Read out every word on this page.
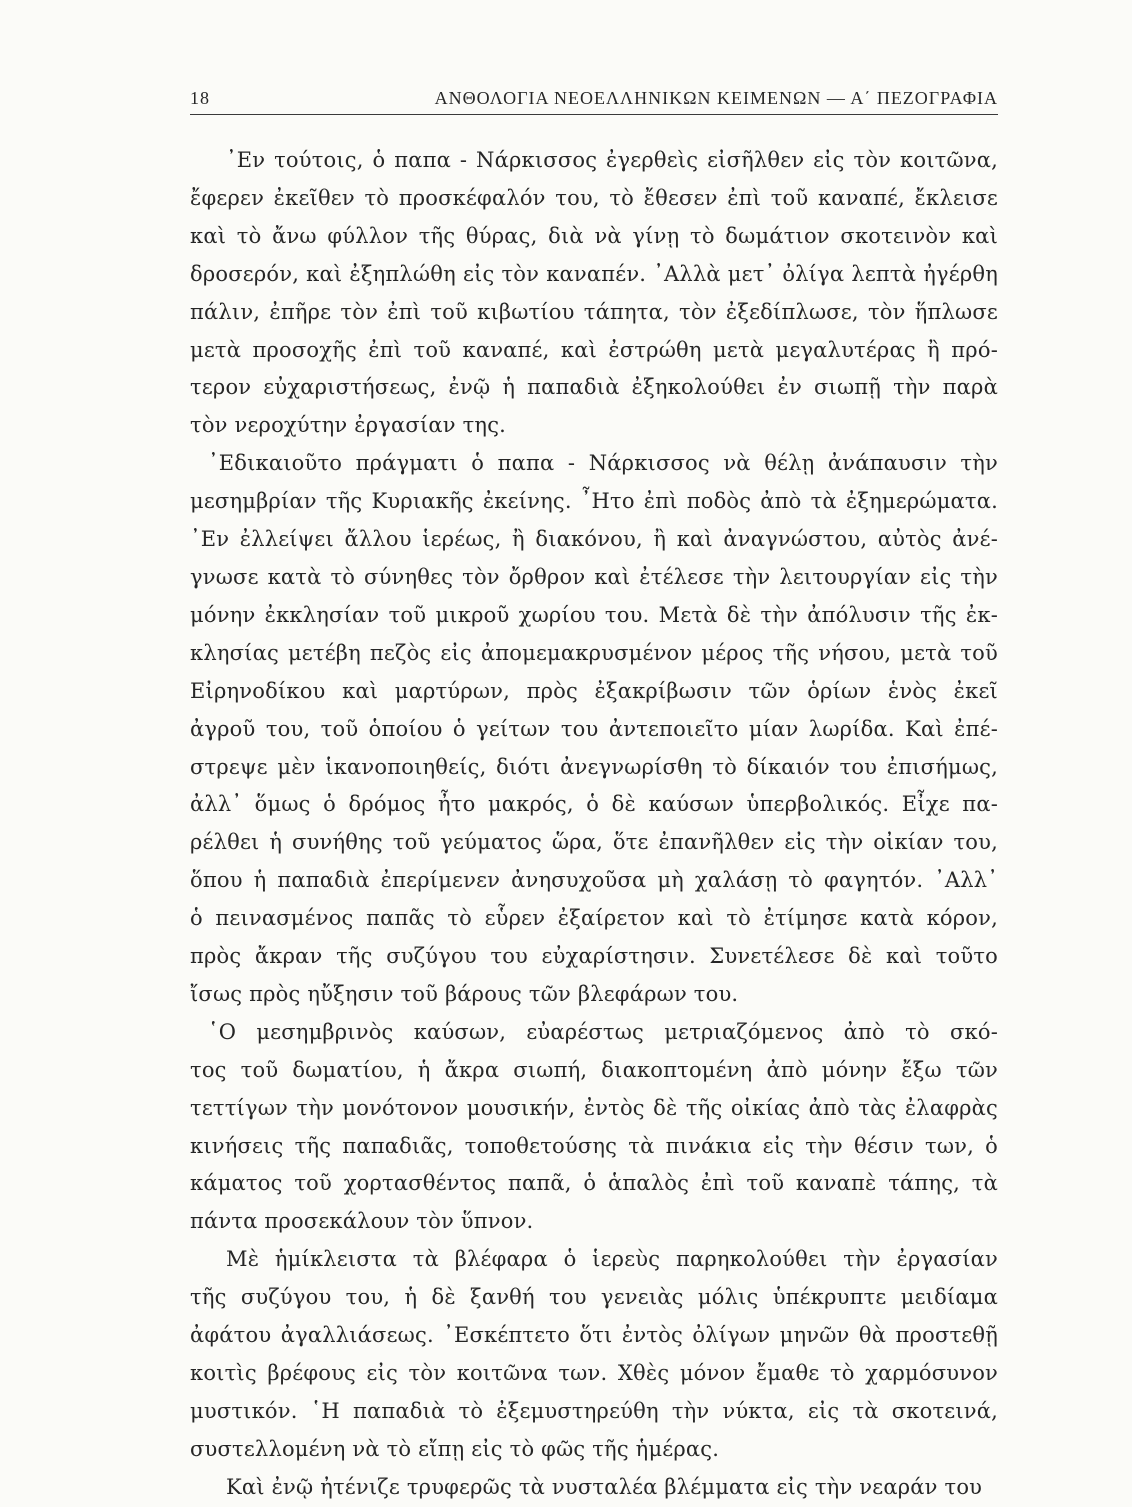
18	ΑΝΘΟΛΟΓΙΑ ΝΕΟΕΛΛΗΝΙΚΩΝ ΚΕΙΜΕΝΩΝ — Α΄ ΠΕΖΟΓΡΑΦΙΑ
᾿Εν τούτοις, ὁ παπα - Νάρκισσος ἐγερθεὶς εἰσῆλθεν εἰς τὸν κοιτῶνα,
ἔφερεν ἐκεῖθεν τὸ προσκέφαλόν του, τὸ ἔθεσεν ἐπὶ τοῦ καναπέ, ἔκλεισε
καὶ τὸ ἄνω φύλλον τῆς θύρας, διὰ νὰ γίνῃ τὸ δωμάτιον σκοτεινὸν καὶ
δροσερόν, καὶ ἐξηπλώθη εἰς τὸν καναπέν. ᾿Αλλὰ μετ᾿ ὀλίγα λεπτὰ ἠγέρθη
πάλιν, ἐπῆρε τὸν ἐπὶ τοῦ κιβωτίου τάπητα, τὸν ἐξεδίπλωσε, τὸν ἥπλωσε
μετὰ προσοχῆς ἐπὶ τοῦ καναπέ, καὶ ἐστρώθη μετὰ μεγαλυτέρας ἢ πρό-
τερον εὐχαριστήσεως, ἐνῷ ἡ παπαδιὰ ἐξηκολούθει ἐν σιωπῇ τὴν παρὰ
τὸν νεροχύτην ἐργασίαν της.
᾿Εδικαιοῦτο πράγματι ὁ παπα - Νάρκισσος νὰ θέλῃ ἀνάπαυσιν τὴν
μεσημβρίαν τῆς Κυριακῆς ἐκείνης. ῏Ητο ἐπὶ ποδὸς ἀπὸ τὰ ἐξημερώματα.
᾿Εν ἐλλείψει ἄλλου ἱερέως, ἢ διακόνου, ἢ καὶ ἀναγνώστου, αὐτὸς ἀνέ-
γνωσε κατὰ τὸ σύνηθες τὸν ὄρθρον καὶ ἐτέλεσε τὴν λειτουργίαν εἰς τὴν
μόνην ἐκκλησίαν τοῦ μικροῦ χωρίου του. Μετὰ δὲ τὴν ἀπόλυσιν τῆς ἐκ-
κλησίας μετέβη πεζὸς εἰς ἀπομεμακρυσμένον μέρος τῆς νήσου, μετὰ τοῦ
Εἰρηνοδίκου καὶ μαρτύρων, πρὸς ἐξακρίβωσιν τῶν ὁρίων ἑνὸς ἐκεῖ
ἀγροῦ του, τοῦ ὁποίου ὁ γείτων του ἀντεποιεῖτο μίαν λωρίδα. Καὶ ἐπέ-
στρεψε μὲν ἱκανοποιηθείς, διότι ἀνεγνωρίσθη τὸ δίκαιόν του ἐπισήμως,
ἀλλ᾿ ὅμως ὁ δρόμος ἦτο μακρός, ὁ δὲ καύσων ὑπερβολικός. Εἶχε πα-
ρέλθει ἡ συνήθης τοῦ γεύματος ὥρα, ὅτε ἐπανῆλθεν εἰς τὴν οἰκίαν του,
ὅπου ἡ παπαδιὰ ἐπερίμενεν ἀνησυχοῦσα μὴ χαλάσῃ τὸ φαγητόν. ᾿Αλλ᾿
ὁ πεινασμένος παπᾶς τὸ εὗρεν ἐξαίρετον καὶ τὸ ἐτίμησε κατὰ κόρον,
πρὸς ἄκραν τῆς συζύγου του εὐχαρίστησιν. Συνετέλεσε δὲ καὶ τοῦτο
ἴσως πρὸς ηὔξησιν τοῦ βάρους τῶν βλεφάρων του.
῾Ο μεσημβρινὸς καύσων, εὐαρέστως μετριαζόμενος ἀπὸ τὸ σκό-
τος τοῦ δωματίου, ἡ ἄκρα σιωπή, διακοπτομένη ἀπὸ μόνην ἔξω τῶν
τεττίγων τὴν μονότονον μουσικήν, ἐντὸς δὲ τῆς οἰκίας ἀπὸ τὰς ἐλαφρὰς
κινήσεις τῆς παπαδιᾶς, τοποθετούσης τὰ πινάκια εἰς τὴν θέσιν των, ὁ
κάματος τοῦ χορτασθέντος παπᾶ, ὁ ἁπαλὸς ἐπὶ τοῦ καναπὲ τάπης, τὰ
πάντα προσεκάλουν τὸν ὕπνον.
Μὲ ἡμίκλειστα τὰ βλέφαρα ὁ ἱερεὺς παρηκολούθει τὴν ἐργασίαν
τῆς συζύγου του, ἡ δὲ ξανθή του γενειὰς μόλις ὑπέκρυπτε μειδίαμα
ἀφάτου ἀγαλλιάσεως. ᾿Εσκέπτετο ὅτι ἐντὸς ὀλίγων μηνῶν θὰ προστεθῇ
κοιτὶς βρέφους εἰς τὸν κοιτῶνα των. Χθὲς μόνον ἔμαθε τὸ χαρμόσυνον
μυστικόν. ῾Η παπαδιὰ τὸ ἐξεμυστηρεύθη τὴν νύκτα, εἰς τὰ σκοτεινά,
συστελλομένη νὰ τὸ εἴπῃ εἰς τὸ φῶς τῆς ἡμέρας.
Καὶ ἐνῷ ἠτένιζε τρυφερῶς τὰ νυσταλέα βλέμματα εἰς τὴν νεαράν του
